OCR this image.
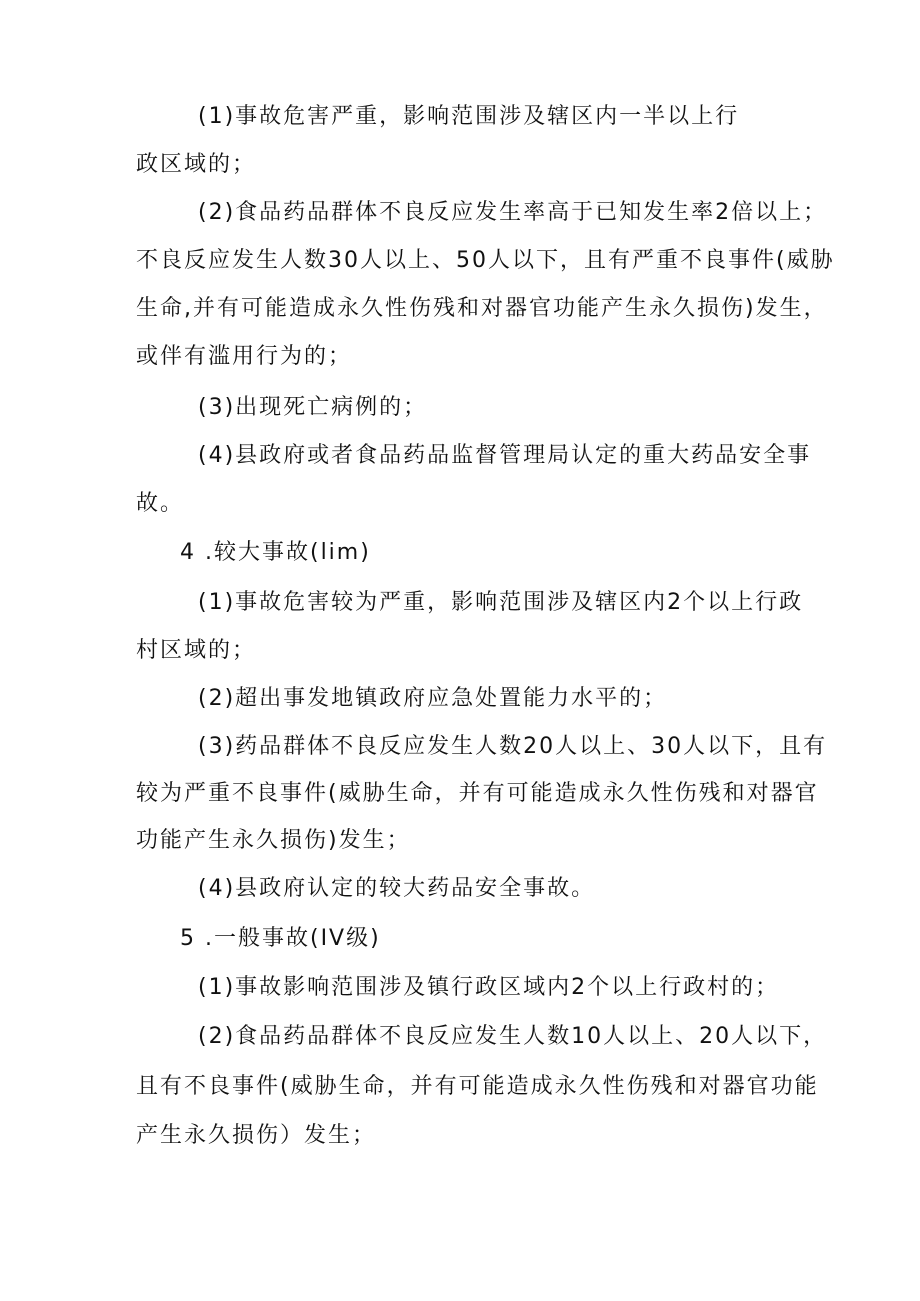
(1)事故危害严重，影响范围涉及辖区内一半以上行
政区域的；
(2)食品药品群体不良反应发生率高于已知发生率2倍以上；
不良反应发生人数30人以上、50人以下，且有严重不良事件(威胁
生命,并有可能造成永久性伤残和对器官功能产生永久损伤)发生，
或伴有滥用行为的；
(3)出现死亡病例的；
(4)县政府或者食品药品监督管理局认定的重大药品安全事
故。
4 .较大事故(lim)
(1)事故危害较为严重，影响范围涉及辖区内2个以上行政
村区域的；
(2)超出事发地镇政府应急处置能力水平的；
(3)药品群体不良反应发生人数20人以上、30人以下，且有
较为严重不良事件(威胁生命，并有可能造成永久性伤残和对器官
功能产生永久损伤)发生；
(4)县政府认定的较大药品安全事故。
5 .一般事故(IV级)
(1)事故影响范围涉及镇行政区域内2个以上行政村的；
(2)食品药品群体不良反应发生人数10人以上、20人以下，
且有不良事件(威胁生命，并有可能造成永久性伤残和对器官功能
产生永久损伤）发生；
